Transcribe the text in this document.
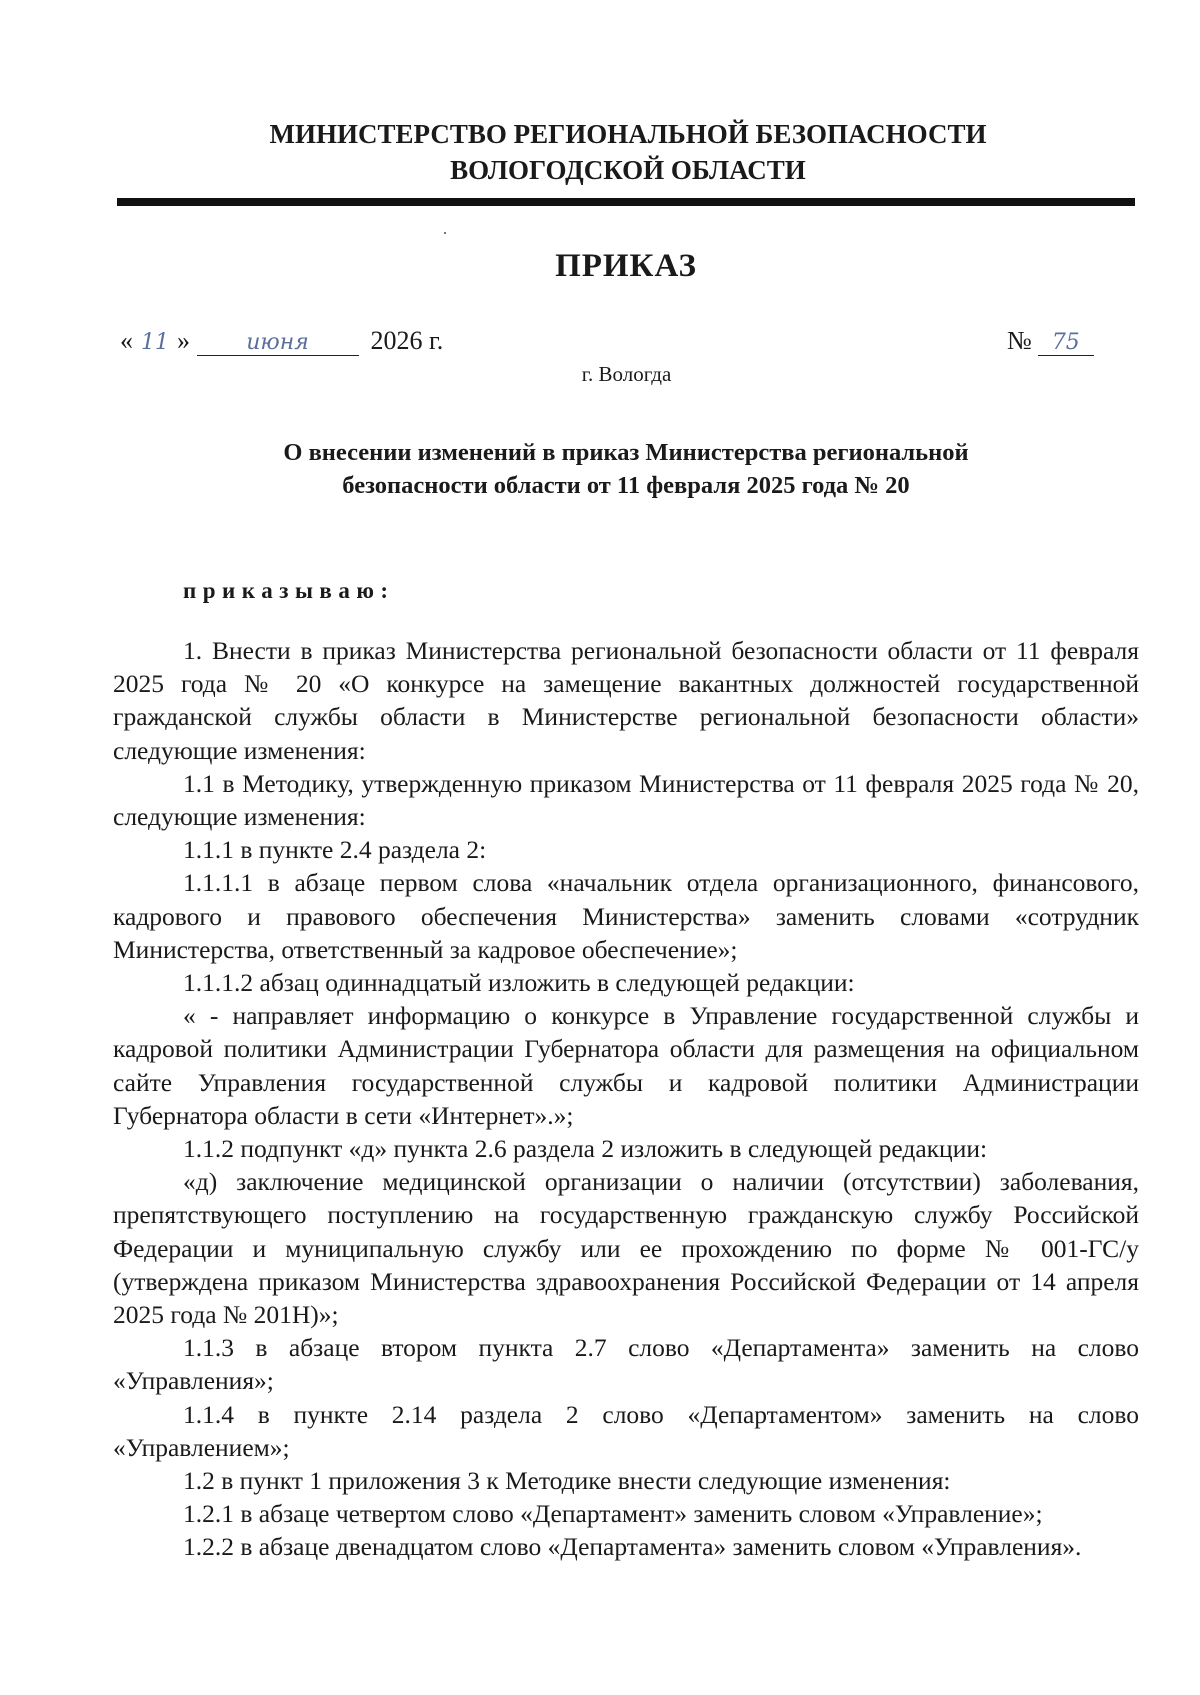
МИНИСТЕРСТВО РЕГИОНАЛЬНОЙ БЕЗОПАСНОСТИ
ВОЛОГОДСКОЙ ОБЛАСТИ
ПРИКАЗ
« 11 »	июня 2026 г.	№ 75
г. Вологда
О внесении изменений в приказ Министерства региональной
безопасности области от 11 февраля 2025 года № 20
приказываю:

1. Внести в приказ Министерства региональной безопасности области от 11 февраля 2025 года № 20 «О конкурсе на замещение вакантных должностей государственной гражданской службы области в Министерстве региональной безопасности области» следующие изменения:

1.1 в Методику, утвержденную приказом Министерства от 11 февраля 2025 года № 20, следующие изменения:

1.1.1 в пункте 2.4 раздела 2:

1.1.1.1 в абзаце первом слова «начальник отдела организационного, финансового, кадрового и правового обеспечения Министерства» заменить словами «сотрудник Министерства, ответственный за кадровое обеспечение»;

1.1.1.2 абзац одиннадцатый изложить в следующей редакции:

« - направляет информацию о конкурсе в Управление государственной службы и кадровой политики Администрации Губернатора области для размещения на официальном сайте Управления государственной службы и кадровой политики Администрации Губернатора области в сети «Интернет».»;

1.1.2 подпункт «д» пункта 2.6 раздела 2 изложить в следующей редакции:

«д) заключение медицинской организации о наличии (отсутствии) заболевания, препятствующего поступлению на государственную гражданскую службу Российской Федерации и муниципальную службу или ее прохождению по форме № 001-ГС/у (утверждена приказом Министерства здравоохранения Российской Федерации от 14 апреля 2025 года № 201Н)»;

1.1.3 в абзаце втором пункта 2.7 слово «Департамента» заменить на слово «Управления»;

1.1.4 в пункте 2.14 раздела 2 слово «Департаментом» заменить на слово «Управлением»;

1.2 в пункт 1 приложения 3 к Методике внести следующие изменения:

1.2.1 в абзаце четвертом слово «Департамент» заменить словом «Управление»;

1.2.2 в абзаце двенадцатом слово «Департамента» заменить словом «Управления».
